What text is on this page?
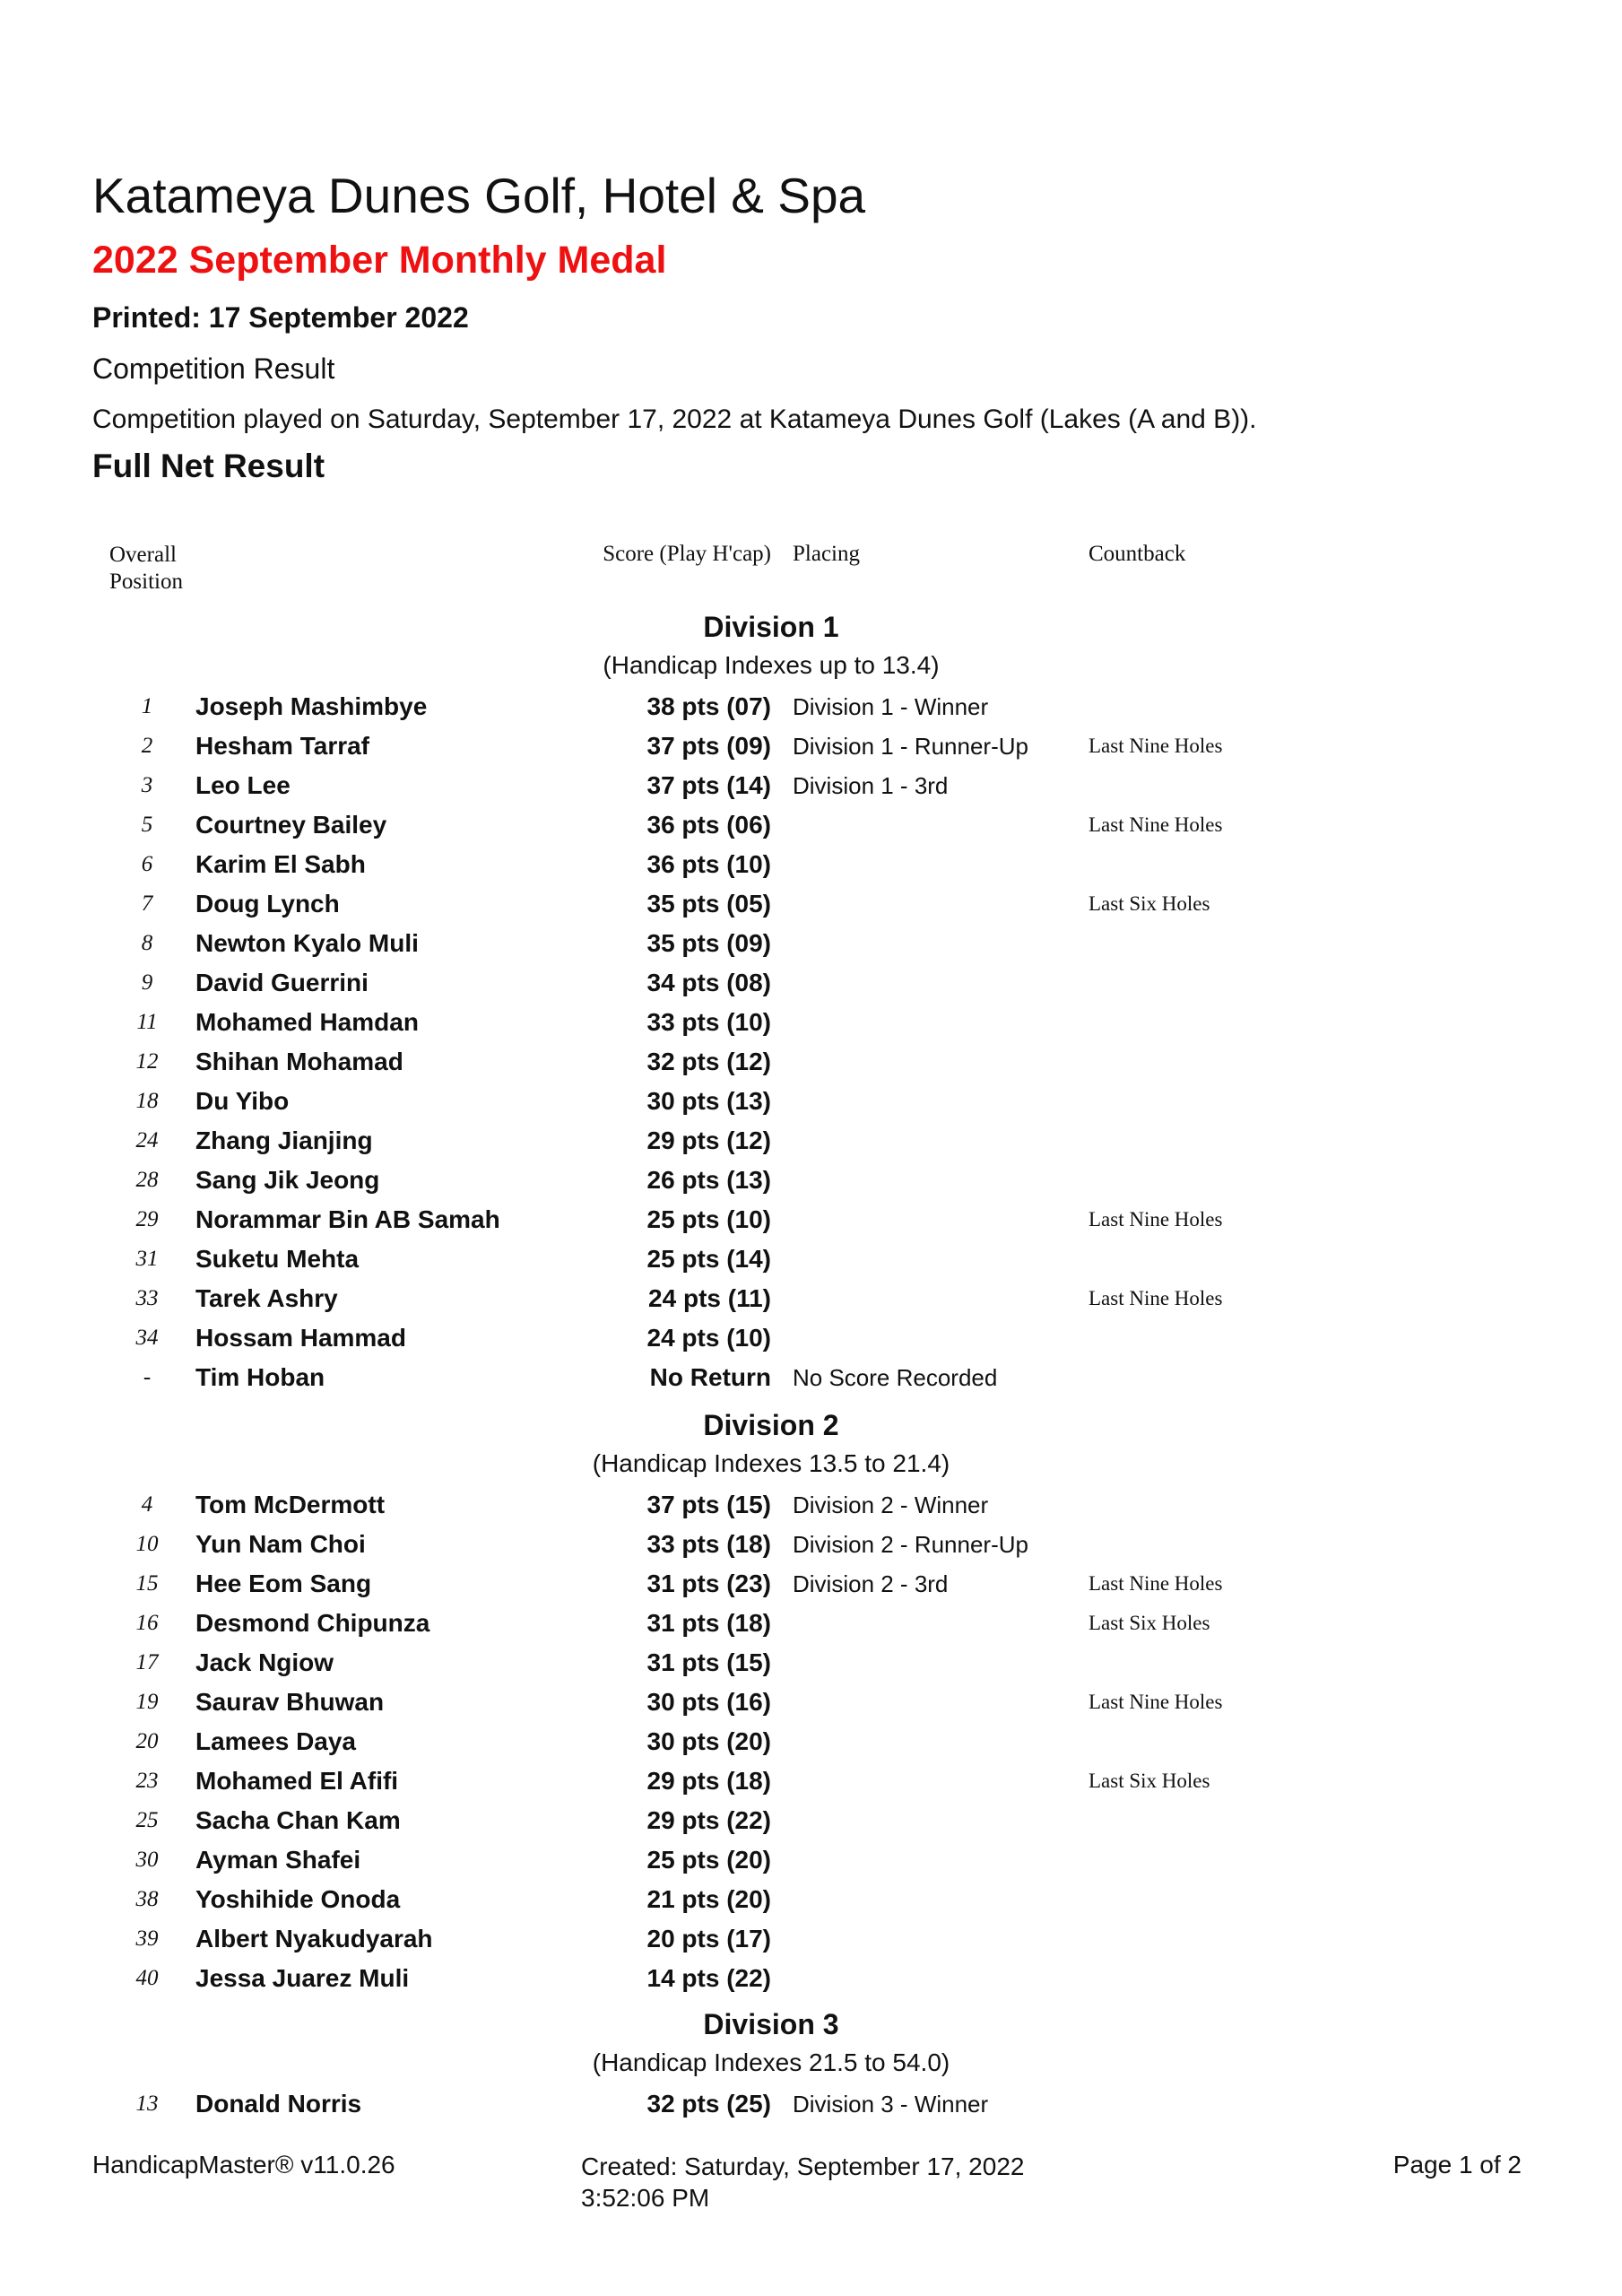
Katameya Dunes Golf, Hotel & Spa
2022 September Monthly Medal
Printed: 17 September 2022
Competition Result
Competition played on Saturday, September 17, 2022 at Katameya Dunes Golf (Lakes (A and B)).
Full Net Result
Overall
Position
Score (Play H'cap) Placing	Countback
Division 1
(Handicap Indexes up to 13.4)
1	Joseph Mashimbye	38 pts (07) Division 1 - Winner
2	Hesham Tarraf	37 pts (09) Division 1 - Runner-Up	Last Nine Holes
3	Leo Lee	37 pts (14) Division 1 - 3rd
5	Courtney Bailey	36 pts (06)	Last Nine Holes
6	Karim El Sabh	36 pts (10)
7	Doug Lynch	35 pts (05)	Last Six Holes
8	Newton Kyalo Muli	35 pts (09)
9	David Guerrini	34 pts (08)
11	Mohamed Hamdan	33 pts (10)
12	Shihan Mohamad	32 pts (12)
18	Du Yibo	30 pts (13)
24	Zhang Jianjing	29 pts (12)
28	Sang Jik Jeong	26 pts (13)
29	Norammar Bin AB Samah	25 pts (10)	Last Nine Holes
31	Suketu Mehta	25 pts (14)
33	Tarek Ashry	24 pts (11)	Last Nine Holes
34	Hossam Hammad	24 pts (10)
-	Tim Hoban	No Return No Score Recorded
Division 2
(Handicap Indexes 13.5 to 21.4)
4	Tom McDermott	37 pts (15) Division 2 - Winner
10	Yun Nam Choi	33 pts (18) Division 2 - Runner-Up
15	Hee Eom Sang	31 pts (23) Division 2 - 3rd	Last Nine Holes
16	Desmond Chipunza	31 pts (18)	Last Six Holes
17	Jack Ngiow	31 pts (15)
19	Saurav Bhuwan	30 pts (16)	Last Nine Holes
20	Lamees Daya	30 pts (20)
23	Mohamed El Afifi	29 pts (18)	Last Six Holes
25	Sacha Chan Kam	29 pts (22)
30	Ayman Shafei	25 pts (20)
38	Yoshihide Onoda	21 pts (20)
39	Albert Nyakudyarah	20 pts (17)
40	Jessa Juarez Muli	14 pts (22)
Division 3
(Handicap Indexes 21.5 to 54.0)
13	Donald Norris	32 pts (25) Division 3 - Winner
HandicapMaster® v11.0.26	Created: Saturday, September 17, 2022
3:52:06 PM
Page 1 of 2
